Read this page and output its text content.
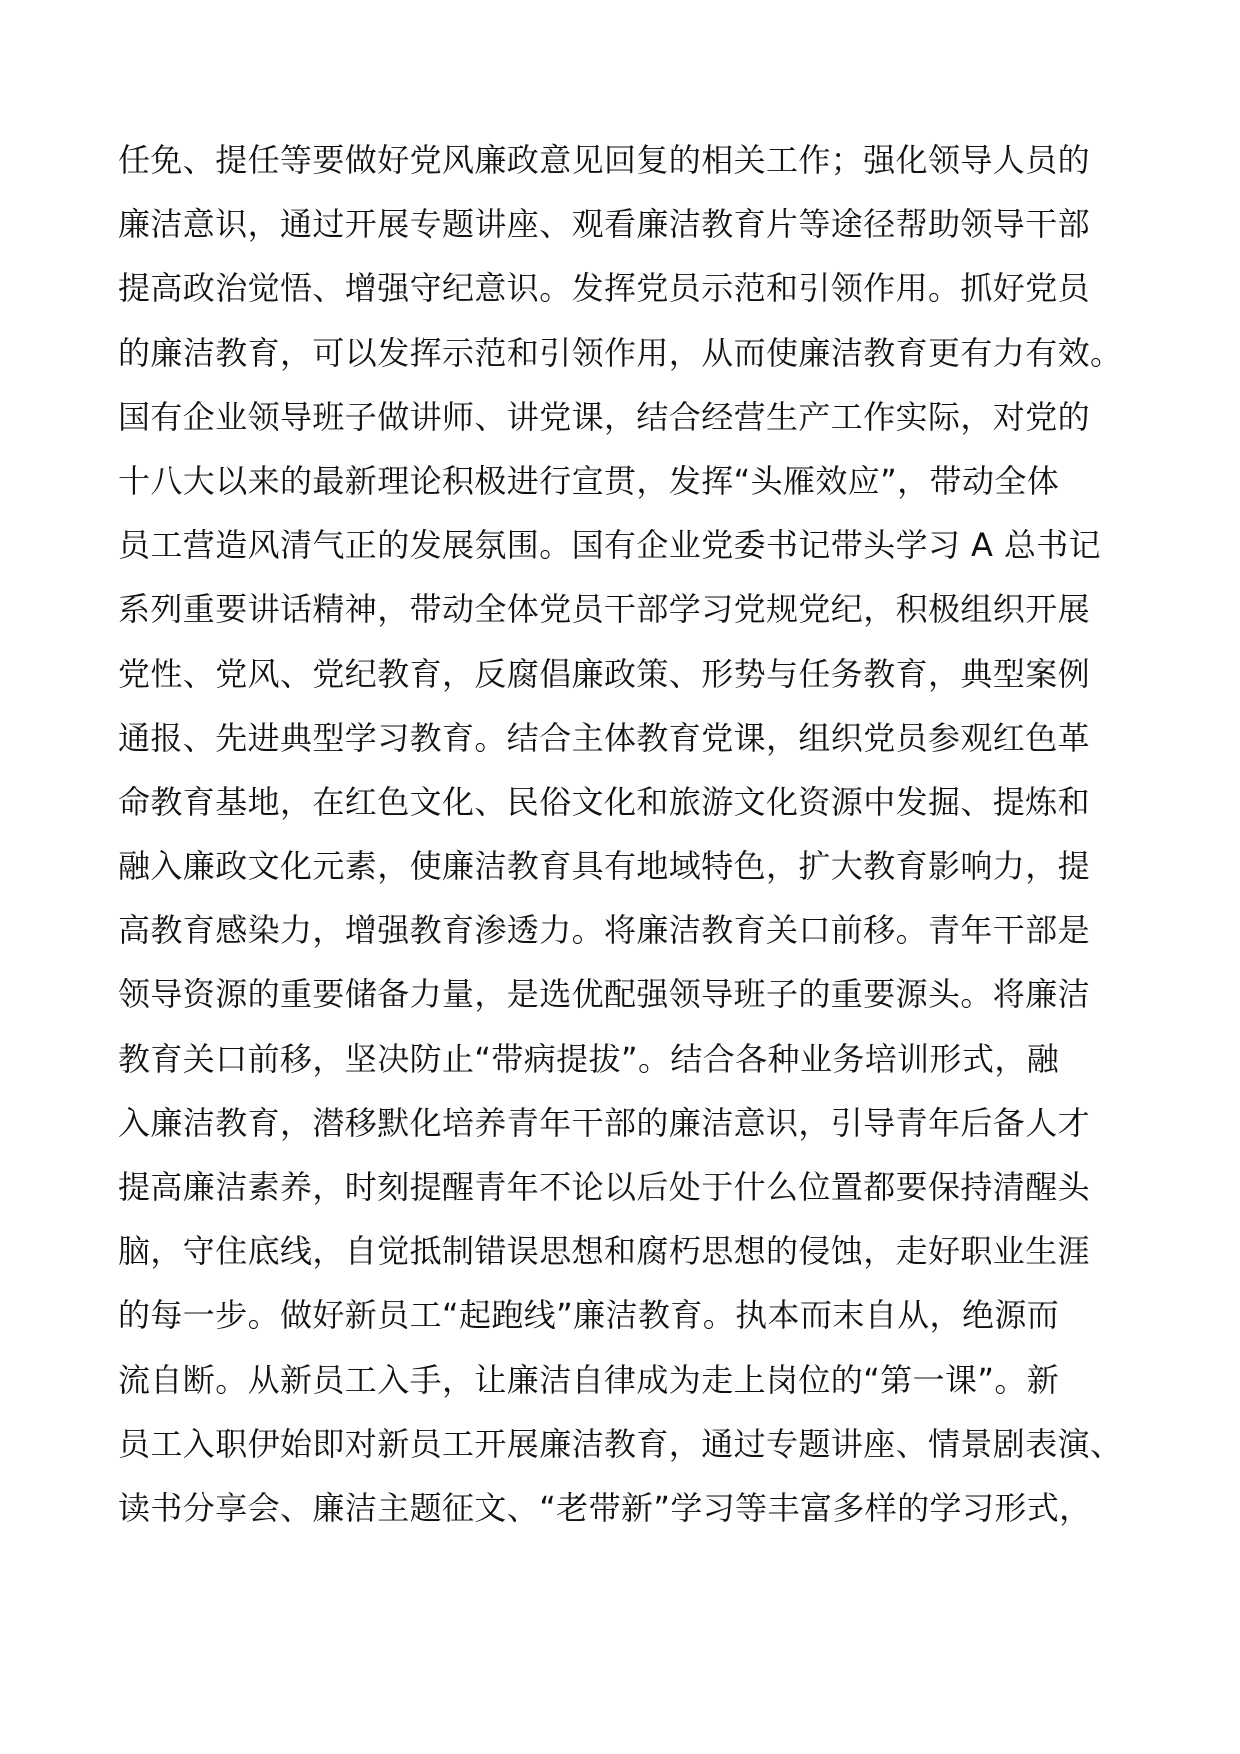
任免、提任等要做好党风廉政意见回复的相关工作；强化领导人员的
廉洁意识，通过开展专题讲座、观看廉洁教育片等途径帮助领导干部
提高政治觉悟、增强守纪意识。发挥党员示范和引领作用。抓好党员
的廉洁教育，可以发挥示范和引领作用，从而使廉洁教育更有力有效。
国有企业领导班子做讲师、讲党课，结合经营生产工作实际，对党的
十八大以来的最新理论积极进行宣贯，发挥“头雁效应”，带动全体
员工营造风清气正的发展氛围。国有企业党委书记带头学习 A 总书记
系列重要讲话精神，带动全体党员干部学习党规党纪，积极组织开展
党性、党风、党纪教育，反腐倡廉政策、形势与任务教育，典型案例
通报、先进典型学习教育。结合主体教育党课，组织党员参观红色革
命教育基地，在红色文化、民俗文化和旅游文化资源中发掘、提炼和
融入廉政文化元素，使廉洁教育具有地域特色，扩大教育影响力，提
高教育感染力，增强教育渗透力。将廉洁教育关口前移。青年干部是
领导资源的重要储备力量，是选优配强领导班子的重要源头。将廉洁
教育关口前移，坚决防止“带病提拔”。结合各种业务培训形式，融
入廉洁教育，潜移默化培养青年干部的廉洁意识，引导青年后备人才
提高廉洁素养，时刻提醒青年不论以后处于什么位置都要保持清醒头
脑，守住底线，自觉抵制错误思想和腐朽思想的侵蚀，走好职业生涯
的每一步。做好新员工“起跑线”廉洁教育。执本而末自从，绝源而
流自断。从新员工入手，让廉洁自律成为走上岗位的“第一课”。新
员工入职伊始即对新员工开展廉洁教育，通过专题讲座、情景剧表演、
读书分享会、廉洁主题征文、“老带新”学习等丰富多样的学习形式，
